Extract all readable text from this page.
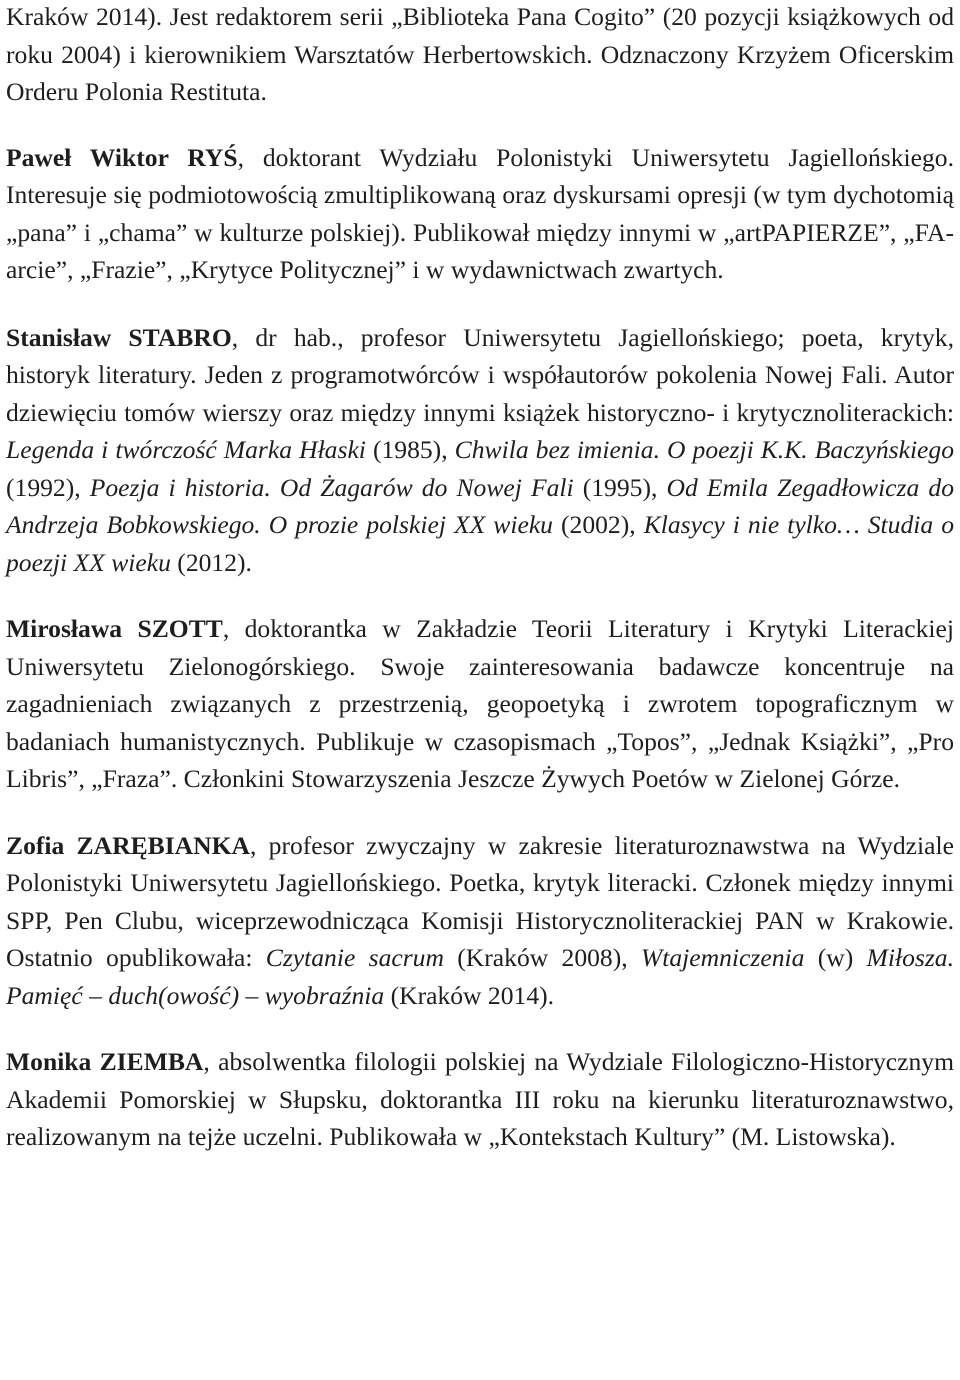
Kraków 2014). Jest redaktorem serii „Biblioteka Pana Cogito” (20 pozycji książkowych od roku 2004) i kierownikiem Warsztatów Herbertowskich. Odznaczony Krzyżem Oficerskim Orderu Polonia Restituta.

Paweł Wiktor RYŚ, doktorant Wydziału Polonistyki Uniwersytetu Jagiellońskiego. Interesuje się podmiotowością zmultiplikowaną oraz dyskursami opresji (w tym dychotomią „pana” i „chama” w kulturze polskiej). Publikował między innymi w „artPAPIERZE”, „FA-arcie”, „Frazie”, „Krytyce Politycznej” i w wydawnictwach zwartych.

Stanisław STABRO, dr hab., profesor Uniwersytetu Jagiellońskiego; poeta, krytyk, historyk literatury. Jeden z programotwórców i współautorów pokolenia Nowej Fali. Autor dziewięciu tomów wierszy oraz między innymi książek historyczno- i krytycznoliterackich: Legenda i twórczość Marka Hłaski (1985), Chwila bez imienia. O poezji K.K. Baczyńskiego (1992), Poezja i historia. Od Żagarów do Nowej Fali (1995), Od Emila Zegadłowicza do Andrzeja Bobkowskiego. O prozie polskiej XX wieku (2002), Klasycy i nie tylko… Studia o poezji XX wieku (2012).

Mirosława SZOTT, doktorantka w Zakładzie Teorii Literatury i Krytyki Literackiej Uniwersytetu Zielonogórskiego. Swoje zainteresowania badawcze koncentruje na zagadnieniach związanych z przestrzenią, geopoetyką i zwrotem topograficznym w badaniach humanistycznych. Publikuje w czasopismach „Topos”, „Jednak Książki”, „Pro Libris”, „Fraza”. Członkini Stowarzyszenia Jeszcze Żywych Poetów w Zielonej Górze.

Zofia ZARĘBIANKA, profesor zwyczajny w zakresie literaturoznawstwa na Wydziale Polonistyki Uniwersytetu Jagiellońskiego. Poetka, krytyk literacki. Członek między innymi SPP, Pen Clubu, wiceprzewodnicząca Komisji Historycznoliterackiej PAN w Krakowie. Ostatnio opublikowała: Czytanie sacrum (Kraków 2008), Wtajemniczenia (w) Miłosza. Pamięć – duch(owość) – wyobraźnia (Kraków 2014).

Monika ZIEMBA, absolwentka filologii polskiej na Wydziale Filologiczno-Historycznym Akademii Pomorskiej w Słupsku, doktorantka III roku na kierunku literaturoznawstwo, realizowanym na tejże uczelni. Publikowała w „Kontekstach Kultury” (M. Listowska).
